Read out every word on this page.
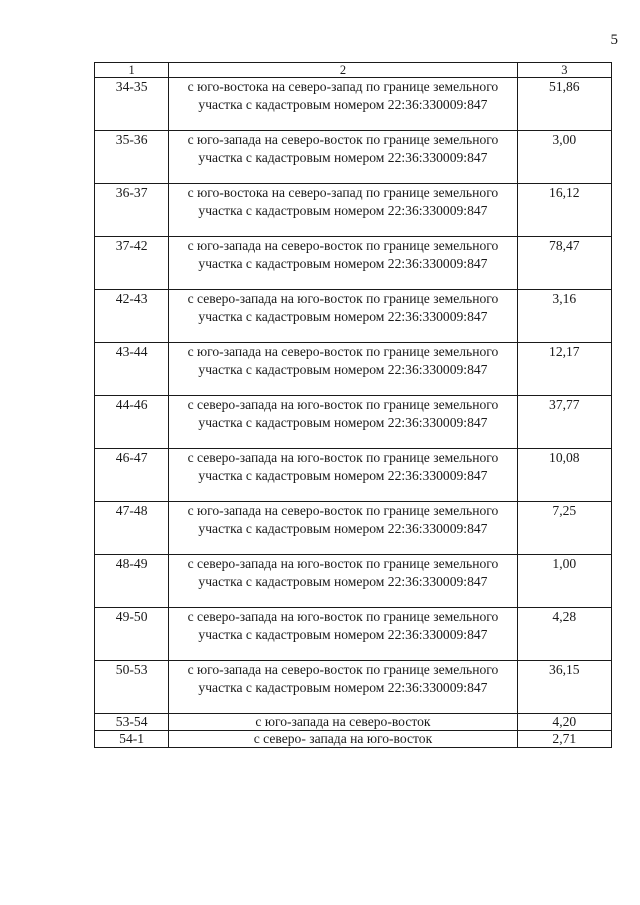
5
1	2	3
34-35	с юго-востока на северо-запад по границе земельного участка с кадастровым номером 22:36:330009:847	51,86
35-36	с юго-запада на северо-восток по границе земельного участка с кадастровым номером 22:36:330009:847	3,00
36-37	с юго-востока на северо-запад по границе земельного участка с кадастровым номером 22:36:330009:847	16,12
37-42	с юго-запада на северо-восток по границе земельного участка с кадастровым номером 22:36:330009:847	78,47
42-43	с северо-запада на юго-восток по границе земельного участка с кадастровым номером 22:36:330009:847	3,16
43-44	с юго-запада на северо-восток по границе земельного участка с кадастровым номером 22:36:330009:847	12,17
44-46	с северо-запада на юго-восток по границе земельного участка с кадастровым номером 22:36:330009:847	37,77
46-47	с северо-запада на юго-восток по границе земельного участка с кадастровым номером 22:36:330009:847	10,08
47-48	с юго-запада на северо-восток по границе земельного участка с кадастровым номером 22:36:330009:847	7,25
48-49	с северо-запада на юго-восток по границе земельного участка с кадастровым номером 22:36:330009:847	1,00
49-50	с северо-запада на юго-восток по границе земельного участка с кадастровым номером 22:36:330009:847	4,28
50-53	с юго-запада на северо-восток по границе земельного участка с кадастровым номером 22:36:330009:847	36,15
53-54	с юго-запада на северо-восток	4,20
54-1	с северо- запада на юго-восток	2,71
